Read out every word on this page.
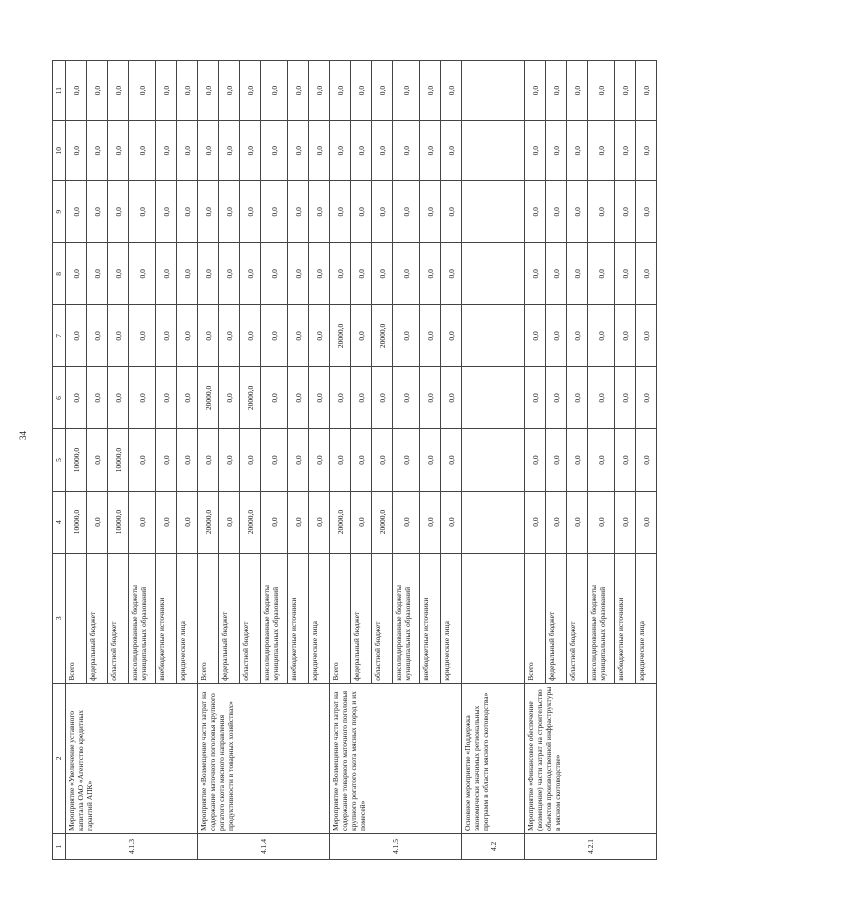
34
1	2	3	4	5	6	7	8	9	10	11
4.1.3	Мероприятие «Увеличение уставного капитала ОАО «Агентство кредитных гарантий АПК»	Всего	10000,0	10000,0	0,0	0,0	0,0	0,0	0,0	0,0
		федеральный бюджет	0,0	0,0	0,0	0,0	0,0	0,0	0,0	0,0
		областной бюджет	10000,0	10000,0	0,0	0,0	0,0	0,0	0,0	0,0
		консолидированные бюджеты муниципальных образований	0,0	0,0	0,0	0,0	0,0	0,0	0,0	0,0
		внебюджетные источники	0,0	0,0	0,0	0,0	0,0	0,0	0,0	0,0
		юридические лица	0,0	0,0	0,0	0,0	0,0	0,0	0,0	0,0
4.1.4	Мероприятие «Возмещение части затрат на содержание маточного поголовья крупного рогатого скота мясного направления продуктивности в товарных хозяйствах»	Всего	20000,0	0,0	20000,0	0,0	0,0	0,0	0,0	0,0
		федеральный бюджет	0,0	0,0	0,0	0,0	0,0	0,0	0,0	0,0
		областной бюджет	20000,0	0,0	20000,0	0,0	0,0	0,0	0,0	0,0
		консолидированные бюджеты муниципальных образований	0,0	0,0	0,0	0,0	0,0	0,0	0,0	0,0
		внебюджетные источники	0,0	0,0	0,0	0,0	0,0	0,0	0,0	0,0
		юридические лица	0,0	0,0	0,0	0,0	0,0	0,0	0,0	0,0
4.1.5	Мероприятие «Возмещение части затрат на содержание товарного маточного поголовья крупного рогатого скота мясных пород и их помесей»	Всего	20000,0	0,0	0,0	20000,0	0,0	0,0	0,0	0,0
		федеральный бюджет	0,0	0,0	0,0	0,0	0,0	0,0	0,0	0,0
		областной бюджет	20000,0	0,0	0,0	20000,0	0,0	0,0	0,0	0,0
		консолидированные бюджеты муниципальных образований	0,0	0,0	0,0	0,0	0,0	0,0	0,0	0,0
		внебюджетные источники	0,0	0,0	0,0	0,0	0,0	0,0	0,0	0,0
		юридические лица	0,0	0,0	0,0	0,0	0,0	0,0	0,0	0,0
4.2	Основное мероприятие «Поддержка экономически значимых региональных программ в области мясного скотоводства»									
4.2.1	Мероприятие «Финансовое обеспечение (возмещение) части затрат на строительство объектов производственной инфраструктуры в мясном скотоводстве»	Всего	0,0	0,0	0,0	0,0	0,0	0,0	0,0	0,0
		федеральный бюджет	0,0	0,0	0,0	0,0	0,0	0,0	0,0	0,0
		областной бюджет	0,0	0,0	0,0	0,0	0,0	0,0	0,0	0,0
		консолидированные бюджеты муниципальных образований	0,0	0,0	0,0	0,0	0,0	0,0	0,0	0,0
		внебюджетные источники	0,0	0,0	0,0	0,0	0,0	0,0	0,0	0,0
		юридические лица	0,0	0,0	0,0	0,0	0,0	0,0	0,0	0,0
